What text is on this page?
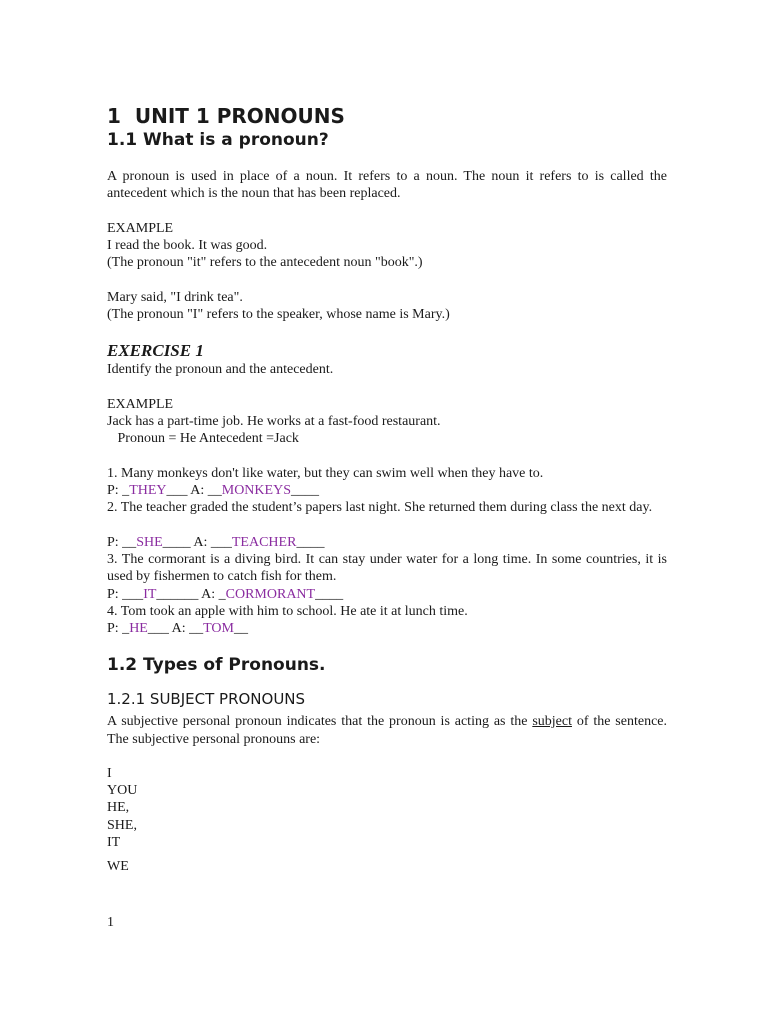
1  UNIT 1 PRONOUNS
1.1 What is a pronoun?

A pronoun is used in place of a noun. It refers to a noun. The noun it refers to is called the antecedent which is the noun that has been replaced.

EXAMPLE

I read the book. It was good.

(The pronoun "it" refers to the antecedent noun "book".)

Mary said, "I drink tea".

(The pronoun "I" refers to the speaker, whose name is Mary.)

EXERCISE 1

Identify the pronoun and the antecedent.

EXAMPLE

Jack has a part-time job. He works at a fast-food restaurant.

Pronoun = He Antecedent =Jack

1. Many monkeys don't like water, but they can swim well when they have to.

P: _THEY___ A: __MONKEYS____

2. The teacher graded the student’s papers last night. She returned them during class the next day.

P: __SHE____ A: ___TEACHER____

3. The cormorant is a diving bird. It can stay under water for a long time. In some countries, it is used by fishermen to catch fish for them.

P: ___IT______ A: _CORMORANT____

4. Tom took an apple with him to school. He ate it at lunch time.

P: _HE___ A: __TOM__

1.2 Types of Pronouns.
1.2.1 SUBJECT PRONOUNS

A subjective personal pronoun indicates that the pronoun is acting as the subject of the sentence. The subjective personal pronouns are:

I

YOU

HE,

SHE,

IT

WE

1
